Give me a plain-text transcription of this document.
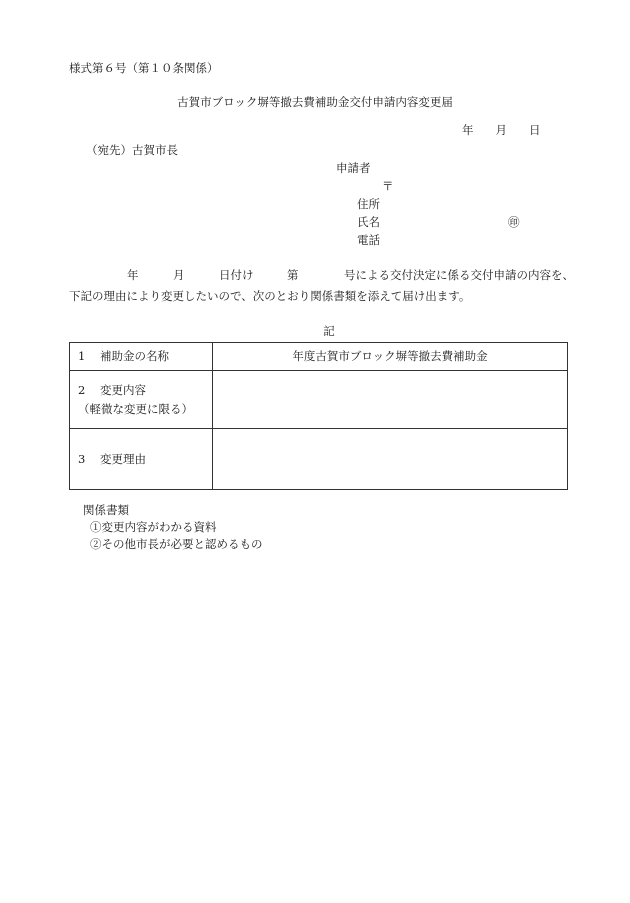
様式第６号（第１０条関係）
古賀市ブロック塀等撤去費補助金交付申請内容変更届
年 月 日
（宛先）古賀市長
申請者
〒
住所
氏名	㊞
電話
年	月	日付け	第	号による交付決定に係る交付申請の内容を、
下記の理由により変更したいので、次のとおり関係書類を添えて届け出ます。
記
1 補助金の名称	年度古賀市ブロック塀等撤去費補助金

2 変更内容
（軽微な変更に限る）	

3 変更理由	
関係書類
①変更内容がわかる資料
②その他市長が必要と認めるもの
